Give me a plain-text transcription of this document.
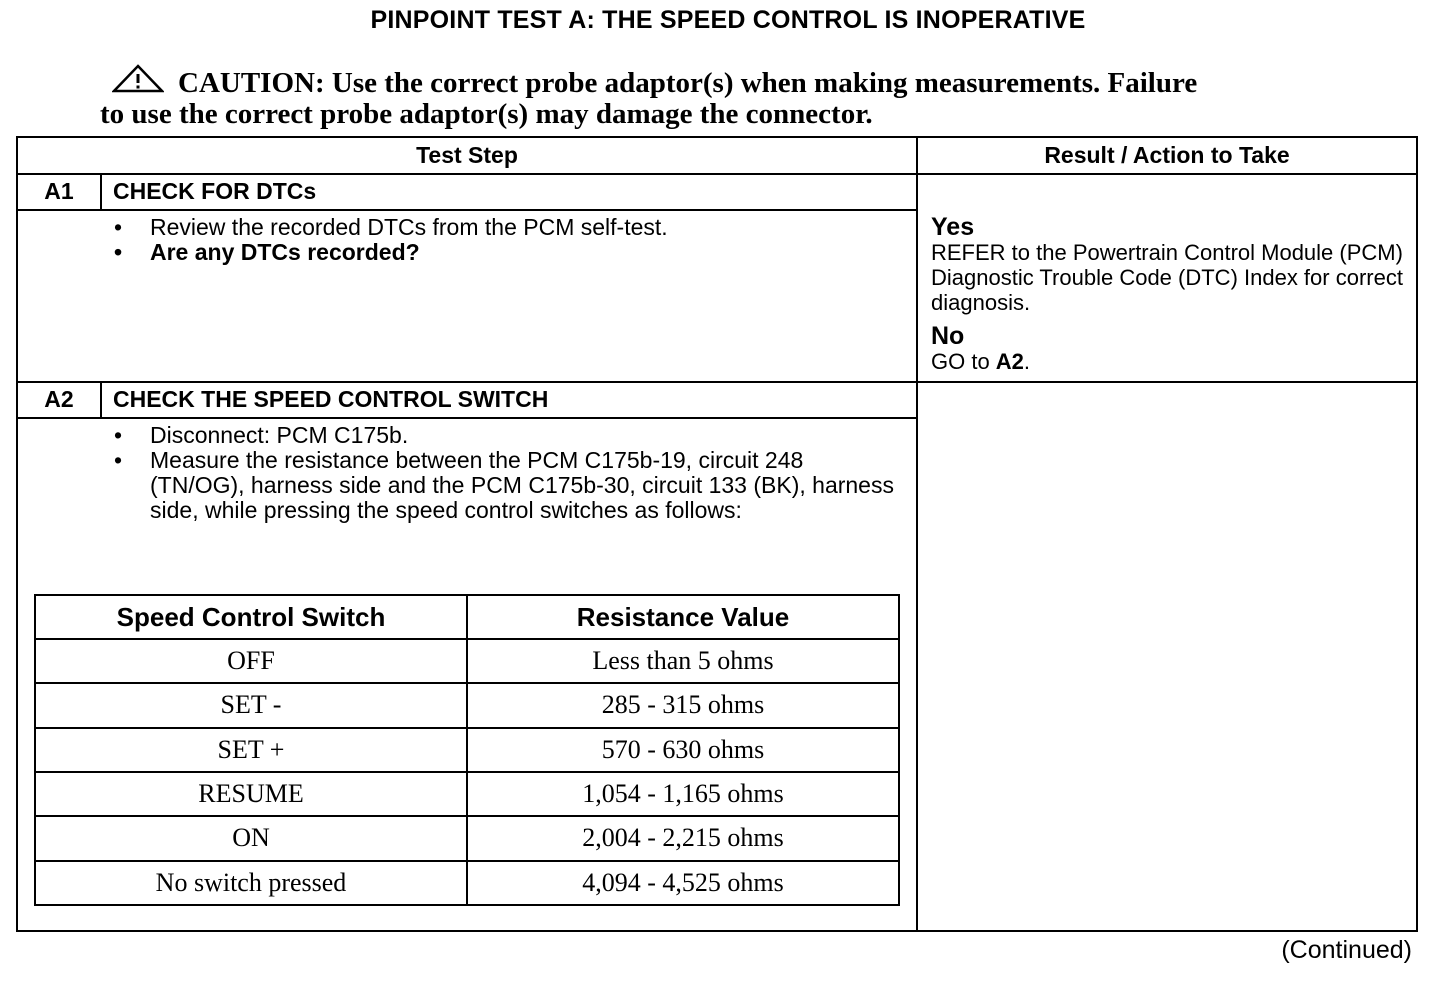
PINPOINT TEST A: THE SPEED CONTROL IS INOPERATIVE
CAUTION: Use the correct probe adaptor(s) when making measurements. Failure
to use the correct probe adaptor(s) may damage the connector.
Test Step	Result / Action to Take
A1	CHECK FOR DTCs
• Review the recorded DTCs from the PCM self-test.
• Are any DTCs recorded?
Yes
REFER to the Powertrain Control Module (PCM) Diagnostic Trouble Code (DTC) Index for correct diagnosis.
No
GO to A2.
A2	CHECK THE SPEED CONTROL SWITCH
• Disconnect: PCM C175b.
• Measure the resistance between the PCM C175b-19, circuit 248 (TN/OG), harness side and the PCM C175b-30, circuit 133 (BK), harness side, while pressing the speed control switches as follows:
Speed Control Switch	Resistance Value
OFF	Less than 5 ohms
SET -	285 - 315 ohms
SET +	570 - 630 ohms
RESUME	1,054 - 1,165 ohms
ON	2,004 - 2,215 ohms
No switch pressed	4,094 - 4,525 ohms
(Continued)
